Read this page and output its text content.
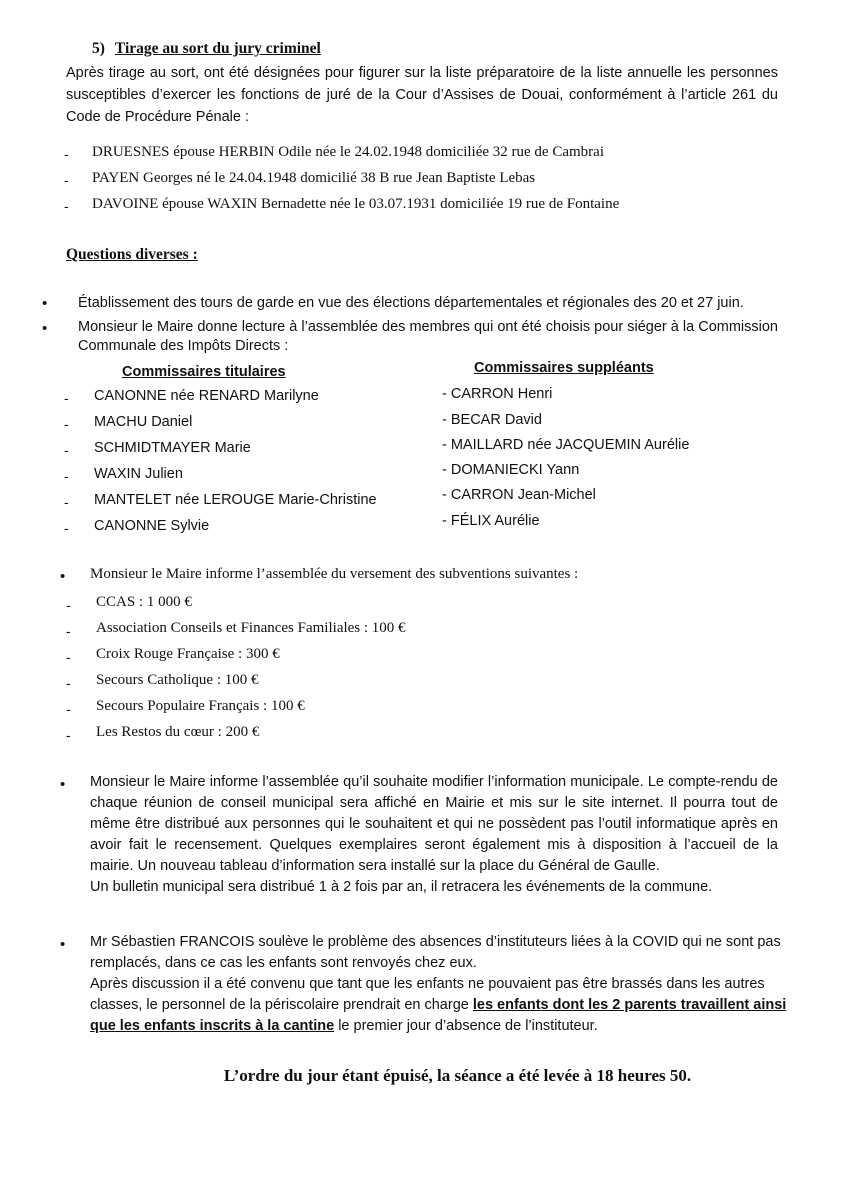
5) Tirage au sort du jury criminel
Après tirage au sort, ont été désignées pour figurer sur la liste préparatoire de la liste annuelle les personnes susceptibles d’exercer les fonctions de juré de la Cour d’Assises de Douai, conformément à l’article 261 du Code de Procédure Pénale :
- DRUESNES épouse HERBIN Odile née le 24.02.1948 domiciliée 32 rue de Cambrai
- PAYEN Georges né le 24.04.1948 domicilié 38 B rue Jean Baptiste Lebas
- DAVOINE épouse WAXIN Bernadette née le 03.07.1931 domiciliée 19 rue de Fontaine
Questions diverses :
• Établissement des tours de garde en vue des élections départementales et régionales des 20 et 27 juin.
• Monsieur le Maire donne lecture à l’assemblée des membres qui ont été choisis pour siéger à la Commission Communale des Impôts Directs :
Commissaires titulaires	Commissaires suppléants
- CANONNE née RENARD Marilyne
- MACHU Daniel
- SCHMIDTMAYER Marie
- WAXIN Julien
- MANTELET née LEROUGE Marie-Christine
- CANONNE Sylvie
- CARRON Henri
- BECAR David
- MAILLARD née JACQUEMIN Aurélie
- DOMANIECKI Yann
- CARRON Jean-Michel
- FÉLIX Aurélie
• Monsieur le Maire informe l’assemblée du versement des subventions suivantes :
- CCAS : 1 000 €
- Association Conseils et Finances Familiales : 100 €
- Croix Rouge Française : 300 €
- Secours Catholique : 100 €
- Secours Populaire Français : 100 €
- Les Restos du cœur : 200 €
• Monsieur le Maire informe l’assemblée qu’il souhaite modifier l’information municipale. Le compte-rendu de chaque réunion de conseil municipal sera affiché en Mairie et mis sur le site internet. Il pourra tout de même être distribué aux personnes qui le souhaitent et qui ne possèdent pas l’outil informatique après en avoir fait le recensement. Quelques exemplaires seront également mis à disposition à l’accueil de la mairie. Un nouveau tableau d’information sera installé sur la place du Général de Gaulle.
Un bulletin municipal sera distribué 1 à 2 fois par an, il retracera les événements de la commune.
• Mr Sébastien FRANCOIS soulève le problème des absences d’instituteurs liées à la COVID qui ne sont pas remplacés, dans ce cas les enfants sont renvoyés chez eux.
Après discussion il a été convenu que tant que les enfants ne pouvaient pas être brassés dans les autres classes, le personnel de la périscolaire prendrait en charge les enfants dont les 2 parents travaillent ainsi que les enfants inscrits à la cantine le premier jour d’absence de l’instituteur.
L’ordre du jour étant épuisé, la séance a été levée à 18 heures 50.
